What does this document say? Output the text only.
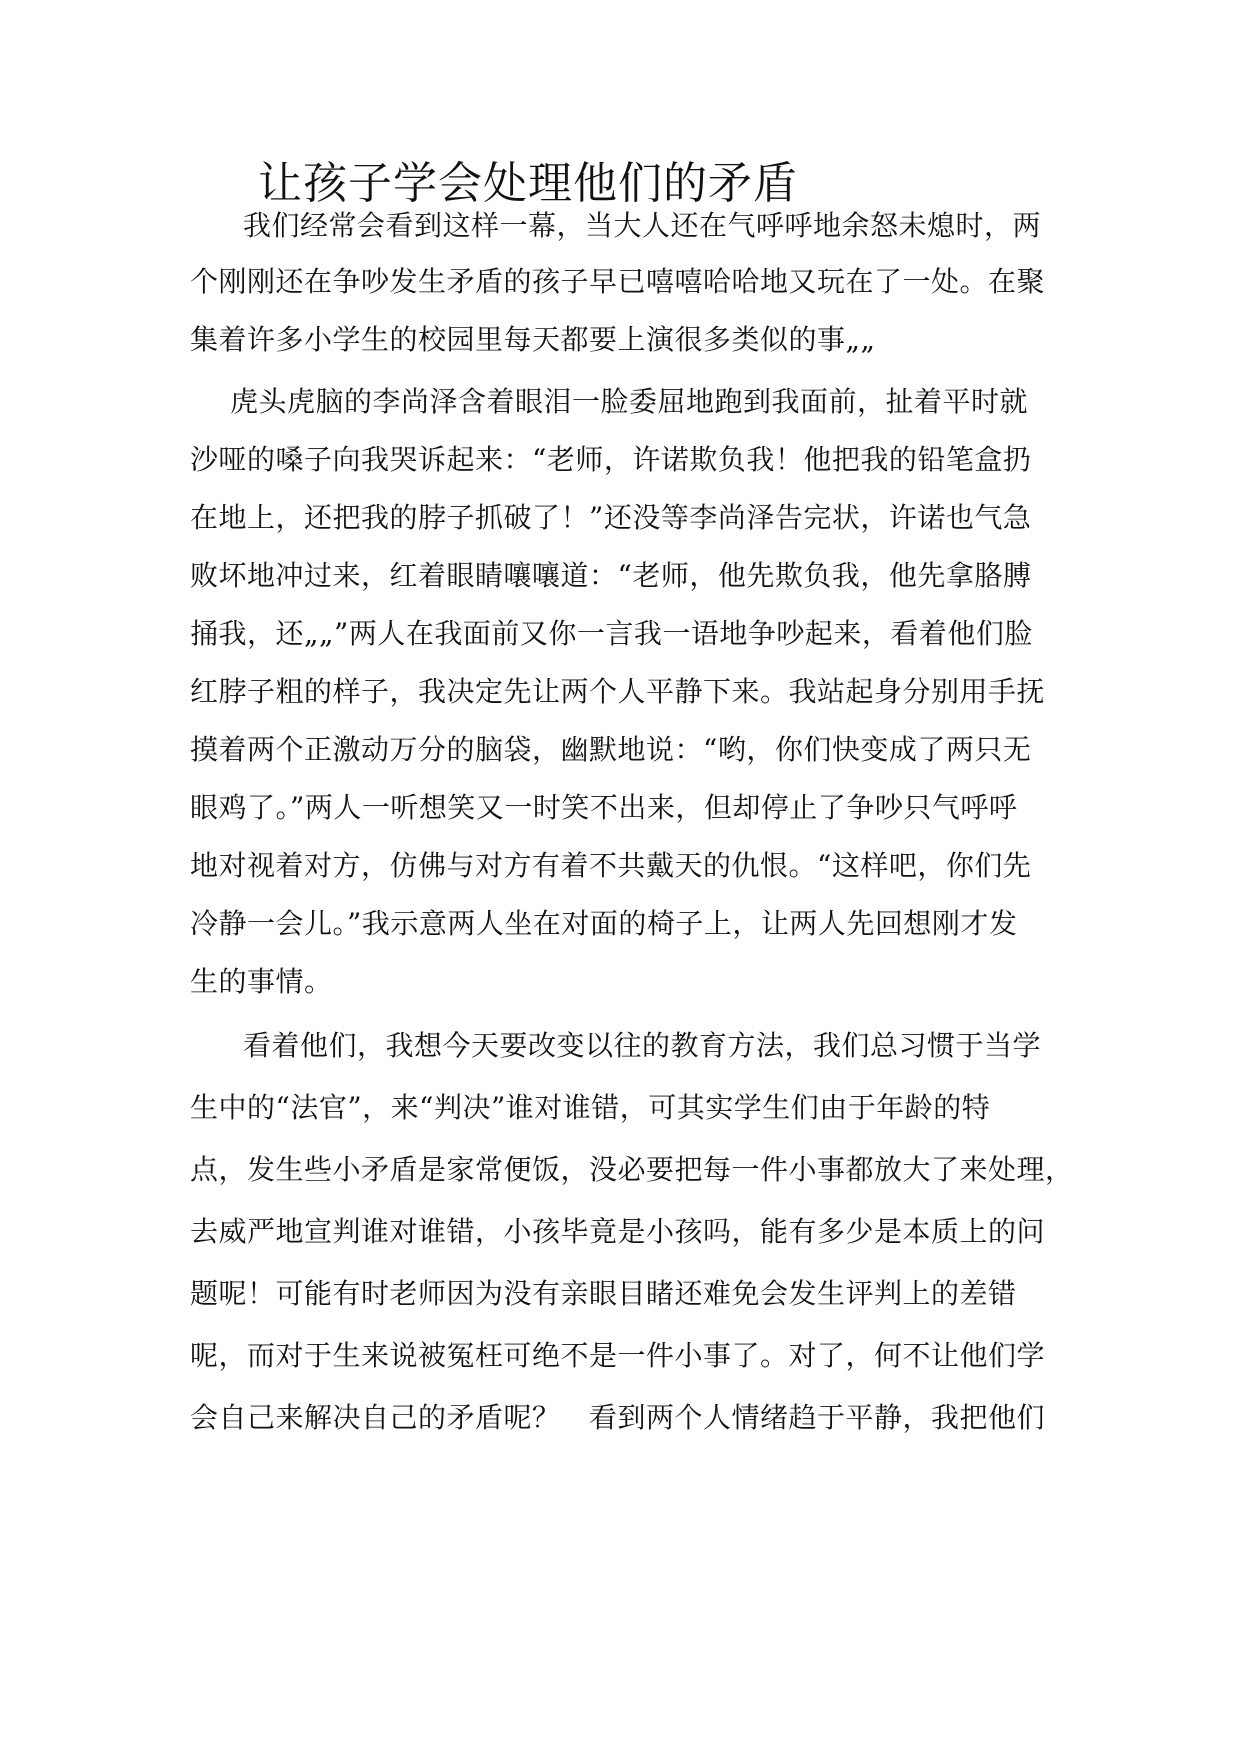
让孩子学会处理他们的矛盾
我们经常会看到这样一幕，当大人还在气呼呼地余怒未熄时，两
个刚刚还在争吵发生矛盾的孩子早已嘻嘻哈哈地又玩在了一处。在聚
集着许多小学生的校园里每天都要上演很多类似的事„„
虎头虎脑的李尚泽含着眼泪一脸委屈地跑到我面前，扯着平时就
沙哑的嗓子向我哭诉起来：“老师，许诺欺负我！他把我的铅笔盒扔
在地上，还把我的脖子抓破了！”还没等李尚泽告完状，许诺也气急
败坏地冲过来，红着眼睛嚷嚷道：“老师，他先欺负我，他先拿胳膊
捅我，还„„”两人在我面前又你一言我一语地争吵起来，看着他们脸
红脖子粗的样子，我决定先让两个人平静下来。我站起身分别用手抚
摸着两个正激动万分的脑袋，幽默地说：“哟，你们快变成了两只无
眼鸡了。”两人一听想笑又一时笑不出来，但却停止了争吵只气呼呼
地对视着对方，仿佛与对方有着不共戴天的仇恨。“这样吧，你们先
冷静一会儿。”我示意两人坐在对面的椅子上，让两人先回想刚才发
生的事情。
看着他们，我想今天要改变以往的教育方法，我们总习惯于当学
生中的“法官”，来“判决”谁对谁错，可其实学生们由于年龄的特
点，发生些小矛盾是家常便饭，没必要把每一件小事都放大了来处理，
去威严地宣判谁对谁错，小孩毕竟是小孩吗，能有多少是本质上的问
题呢！可能有时老师因为没有亲眼目睹还难免会发生评判上的差错
呢，而对于生来说被冤枉可绝不是一件小事了。对了，何不让他们学
会自己来解决自己的矛盾呢？　看到两个人情绪趋于平静，我把他们
